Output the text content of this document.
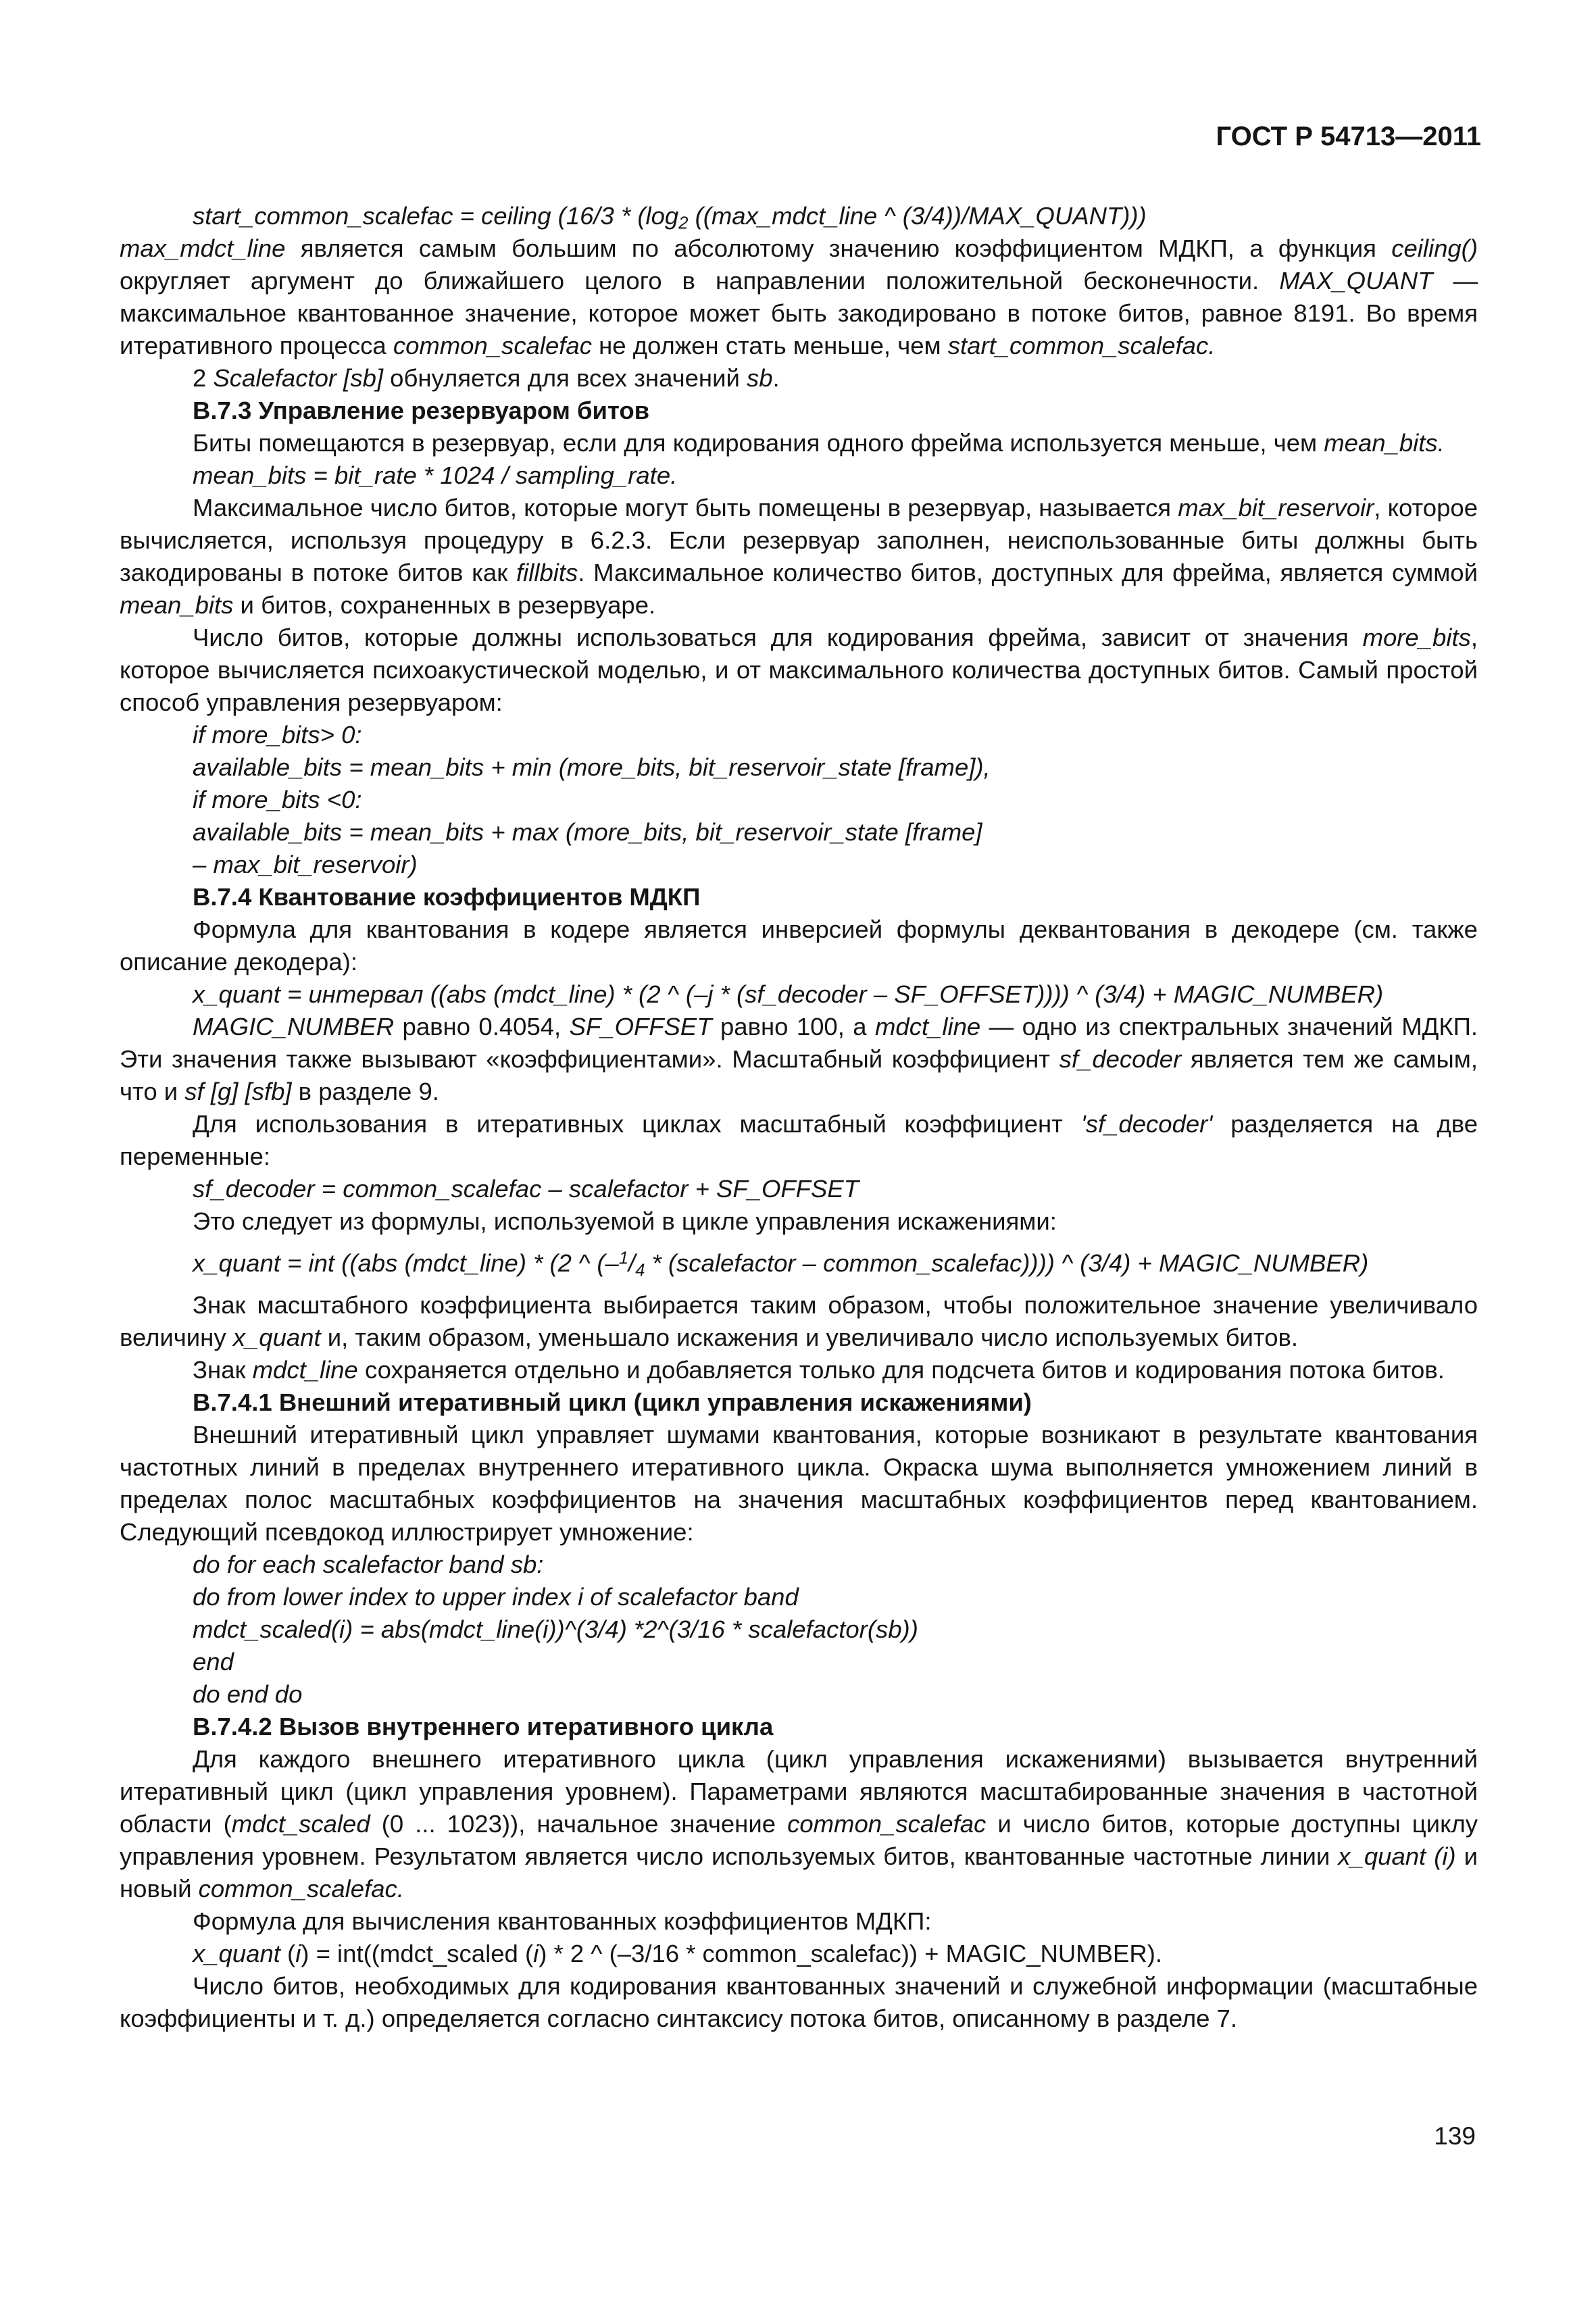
ГОСТ Р 54713—2011

start_common_scalefac = ceiling ($16/3 * (\log_2$ ((max_mdct_line ^ (3/4))/MAX_QUANT)))

max_mdct_line является самым большим по абсолютому значению коэффициентом МДКП, а функция ceiling() округляет аргумент до ближайшего целого в направлении положительной бесконечности. MAX_QUANT — максимальное квантованное значение, которое может быть закодировано в потоке битов, равное 8191. Во время итеративного процесса common_scalefac не должен стать меньше, чем start_common_scalefac.

2 Scalefactor [sb] обнуляется для всех значений sb.

В.7.3 Управление резервуаром битов

Биты помещаются в резервуар, если для кодирования одного фрейма используется меньше, чем mean_bits.

mean_bits = bit_rate * 1024 / sampling_rate.

Максимальное число битов, которые могут быть помещены в резервуар, называется max_bit_reservoir, которое вычисляется, используя процедуру в 6.2.3. Если резервуар заполнен, неиспользованные биты должны быть закодированы в потоке битов как fillbits. Максимальное количество битов, доступных для фрейма, является суммой mean_bits и битов, сохраненных в резервуаре.

Число битов, которые должны использоваться для кодирования фрейма, зависит от значения more_bits, которое вычисляется психоакустической моделью, и от максимального количества доступных битов. Самый простой способ управления резервуаром:

if more_bits> 0:

available_bits = mean_bits + min (more_bits, bit_reservoir_state [frame]),

if more_bits <0:

available_bits = mean_bits + max (more_bits, bit_reservoir_state [frame]

– max_bit_reservoir)

В.7.4 Квантование коэффициентов МДКП

Формула для квантования в кодере является инверсией формулы деквантования в декодере (см. также описание декодера):

x_quant = интервал ((abs (mdct_line) * (2 ^ (–j * (sf_decoder – SF_OFFSET)))) ^ (3/4) + MAGIC_NUMBER)

MAGIC_NUMBER равно 0.4054, SF_OFFSET равно 100, а mdct_line — одно из спектральных значений МДКП. Эти значения также вызывают «коэффициентами». Масштабный коэффициент sf_decoder является тем же самым, что и sf [g] [sfb] в разделе 9.

Для использования в итеративных циклах масштабный коэффициент 'sf_decoder' разделяется на две переменные:

sf_decoder = common_scalefac – scalefactor + SF_OFFSET

Это следует из формулы, используемой в цикле управления искажениями:

x_quant = int ((abs (mdct_line) * (2 ^ ($-^1/_4$ * (scalefactor – common_scalefac)))) ^ (3/4) + MAGIC_NUMBER)

Знак масштабного коэффициента выбирается таким образом, чтобы положительное значение увеличивало величину x_quant и, таким образом, уменьшало искажения и увеличивало число используемых битов.

Знак mdct_line сохраняется отдельно и добавляется только для подсчета битов и кодирования потока битов.

В.7.4.1 Внешний итеративный цикл (цикл управления искажениями)

Внешний итеративный цикл управляет шумами квантования, которые возникают в результате квантования частотных линий в пределах внутреннего итеративного цикла. Окраска шума выполняется умножением линий в пределах полос масштабных коэффициентов на значения масштабных коэффициентов перед квантованием. Следующий псевдокод иллюстрирует умножение:

do for each scalefactor band sb:

do from lower index to upper index i of scalefactor band

mdct_scaled(i) = abs(mdct_line(i))^(3/4) *2^(3/16 * scalefactor(sb))

end

do end do

В.7.4.2 Вызов внутреннего итеративного цикла

Для каждого внешнего итеративного цикла (цикл управления искажениями) вызывается внутренний итеративный цикл (цикл управления уровнем). Параметрами являются масштабированные значения в частотной области (mdct_scaled (0 ... 1023)), начальное значение common_scalefac и число битов, которые доступны циклу управления уровнем. Результатом является число используемых битов, квантованные частотные линии x_quant (i) и новый common_scalefac.

Формула для вычисления квантованных коэффициентов МДКП:

x_quant (i) = int((mdct_scaled (i) * 2 ^ (–3/16 * common_scalefac)) + MAGIC_NUMBER).

Число битов, необходимых для кодирования квантованных значений и служебной информации (масштабные коэффициенты и т. д.) определяется согласно синтаксису потока битов, описанному в разделе 7.

139
